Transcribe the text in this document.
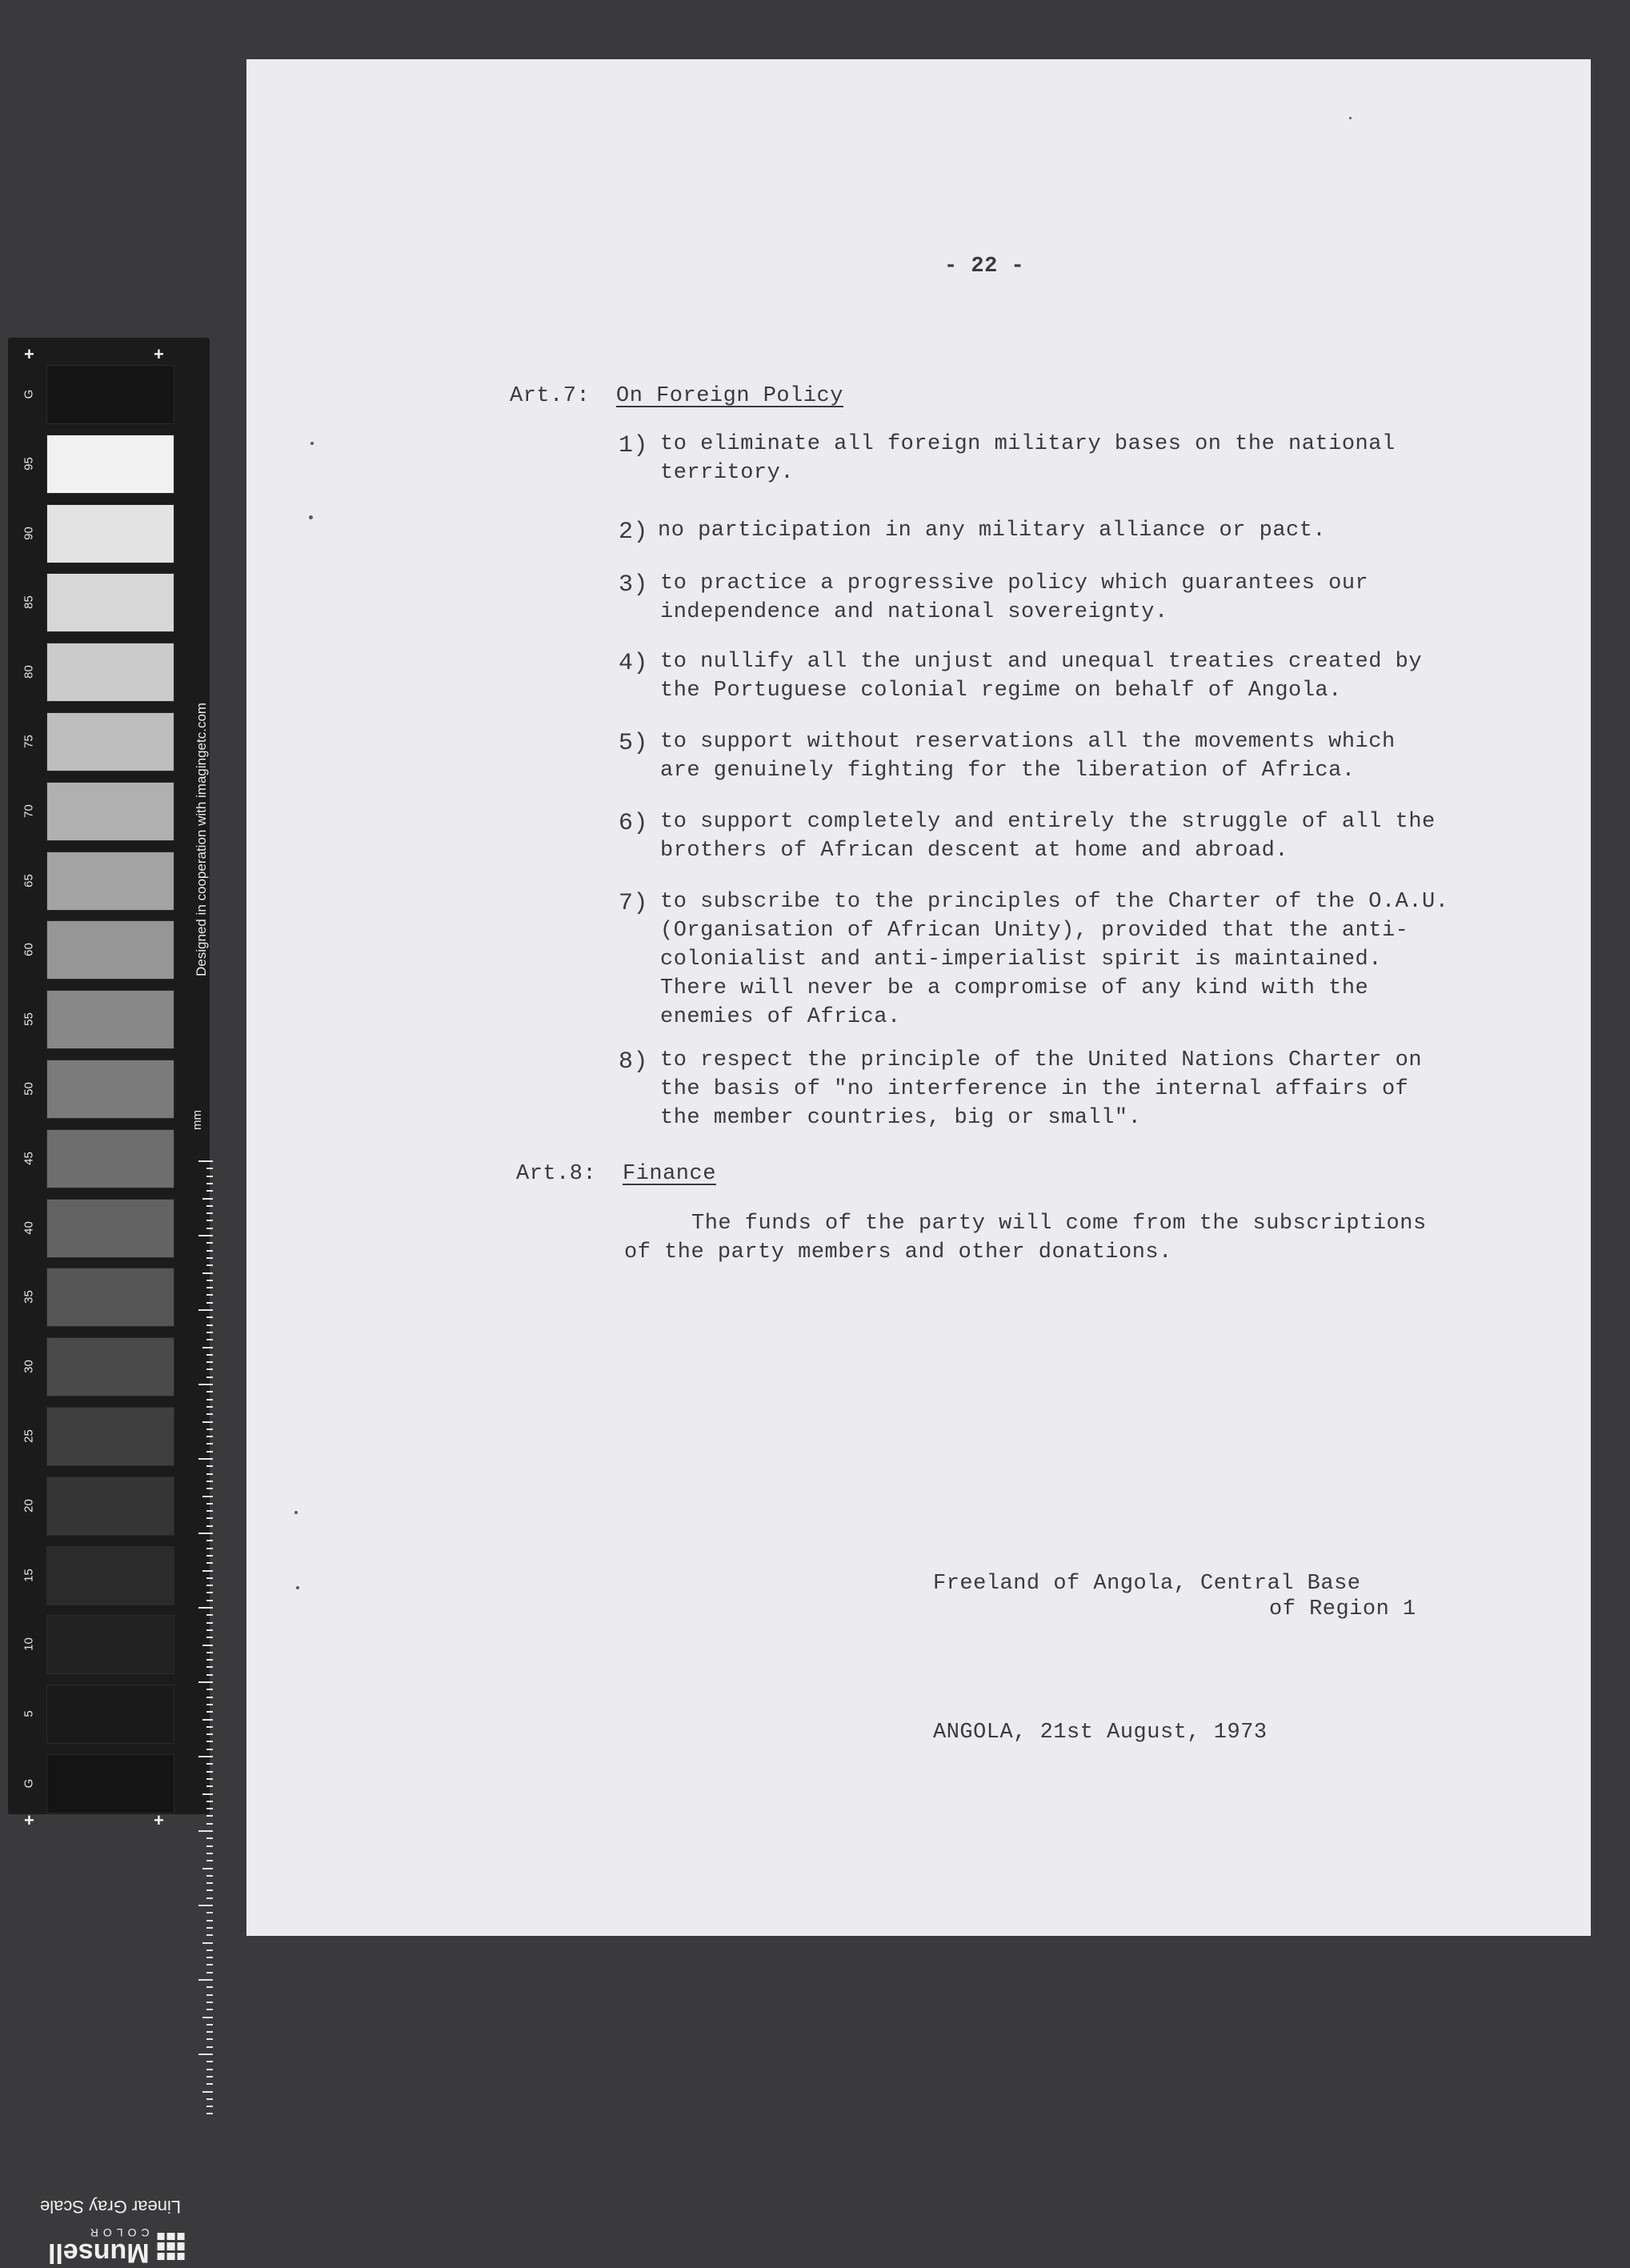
G
95
90
85
80
75
70
65
60
55
50
45
40
35
30
25
20
15
10
5
G
+	+
+	+
Designed in cooperation with imagingetc.com
mm
Linear Gray Scale
Munsell
COLOR
- 22 -
Art.7: On Foreign Policy
Art.8: Finance
The funds of the party will come from the subscriptions
of the party members and other donations.
Freeland of Angola, Central Base
of Region 1
ANGOLA, 21st August, 1973
1) to eliminate all foreign military bases on the national
territory.
2) no participation in any military alliance or pact.
3) to practice a progressive policy which guarantees our
independence and national sovereignty.
4) to nullify all the unjust and unequal treaties created by
the Portuguese colonial regime on behalf of Angola.
5) to support without reservations all the movements which
are genuinely fighting for the liberation of Africa.
6) to support completely and entirely the struggle of all the
brothers of African descent at home and abroad.
7) to subscribe to the principles of the Charter of the O.A.U.
(Organisation of African Unity), provided that the anti-
colonialist and anti-imperialist spirit is maintained.
There will never be a compromise of any kind with the
enemies of Africa.
8) to respect the principle of the United Nations Charter on
the basis of "no interference in the internal affairs of
the member countries, big or small".
